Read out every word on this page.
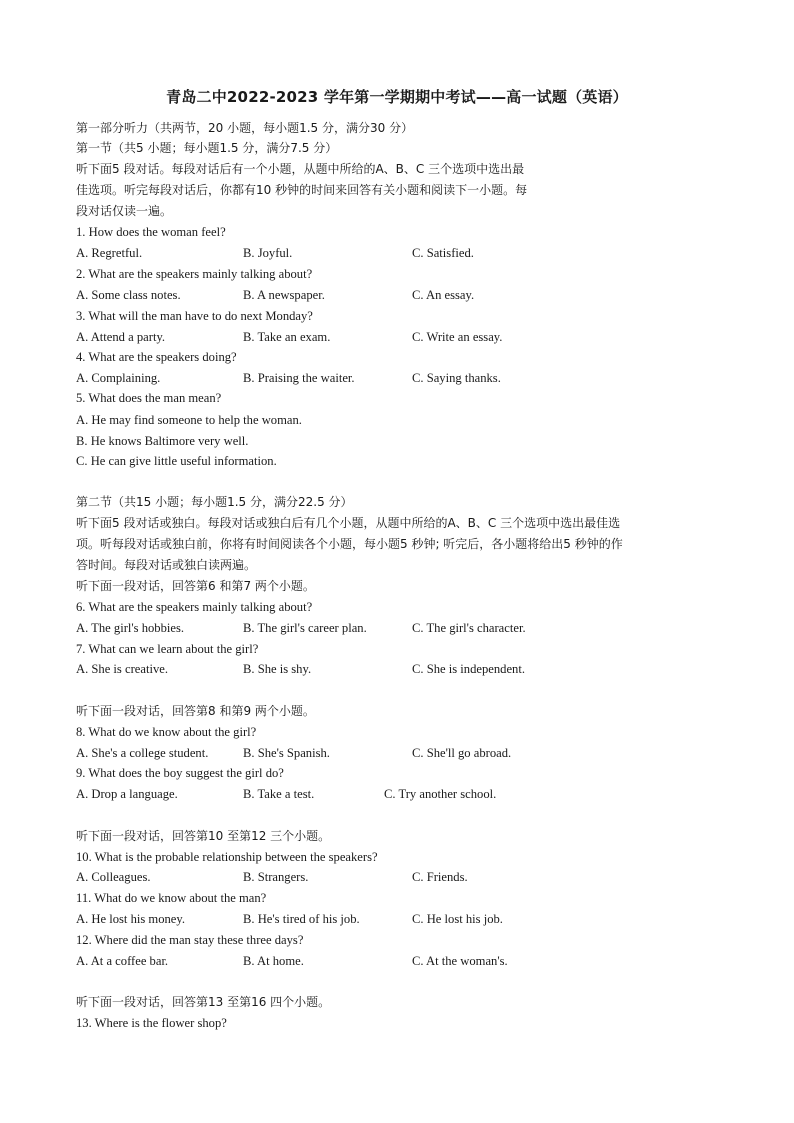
青岛二中2022-2023 学年第一学期期中考试——高一试题（英语）
第一部分听力（共两节，20 小题，每小题1.5 分，满分30 分）
第一节（共5 小题；每小题1.5 分，满分7.5 分）
听下面5 段对话。每段对话后有一个小题，从题中所给的A、B、C 三个选项中选出最
佳选项。听完每段对话后，你都有10 秒钟的时间来回答有关小题和阅读下一小题。每
段对话仅读一遍。
1. How does the woman feel?
A. Regretful.	B. Joyful.	C. Satisfied.
2. What are the speakers mainly talking about?
A. Some class notes.	B. A newspaper.	C. An essay.
3. What will the man have to do next Monday?
A. Attend a party.	B. Take an exam.	C. Write an essay.
4. What are the speakers doing?
A. Complaining.	B. Praising the waiter.	C. Saying thanks.
5. What does the man mean?
A. He may find someone to help the woman.
B. He knows Baltimore very well.
C. He can give little useful information.
第二节（共15 小题；每小题1.5 分，满分22.5 分）
听下面5 段对话或独白。每段对话或独白后有几个小题，从题中所给的A、B、C 三个选项中选出最佳选
项。听每段对话或独白前，你将有时间阅读各个小题，每小题5 秒钟; 听完后，各小题将给出5 秒钟的作
答时间。每段对话或独白读两遍。
听下面一段对话，回答第6 和第7 两个小题。
6. What are the speakers mainly talking about?
A. The girl's hobbies.	B. The girl's career plan.	C. The girl's character.
7. What can we learn about the girl?
A. She is creative.	B. She is shy.	C. She is independent.
听下面一段对话，回答第8 和第9 两个小题。
8. What do we know about the girl?
A. She's a college student.	B. She's Spanish.	C. She'll go abroad.
9. What does the boy suggest the girl do?
A. Drop a language.	B. Take a test.	C. Try another school.
听下面一段对话，回答第10 至第12 三个小题。
10. What is the probable relationship between the speakers?
A. Colleagues.	B. Strangers.	C. Friends.
11. What do we know about the man?
A. He lost his money.	B. He's tired of his job.	C. He lost his job.
12. Where did the man stay these three days?
A. At a coffee bar.	B. At home.	C. At the woman's.
听下面一段对话，回答第13 至第16 四个小题。
13. Where is the flower shop?
